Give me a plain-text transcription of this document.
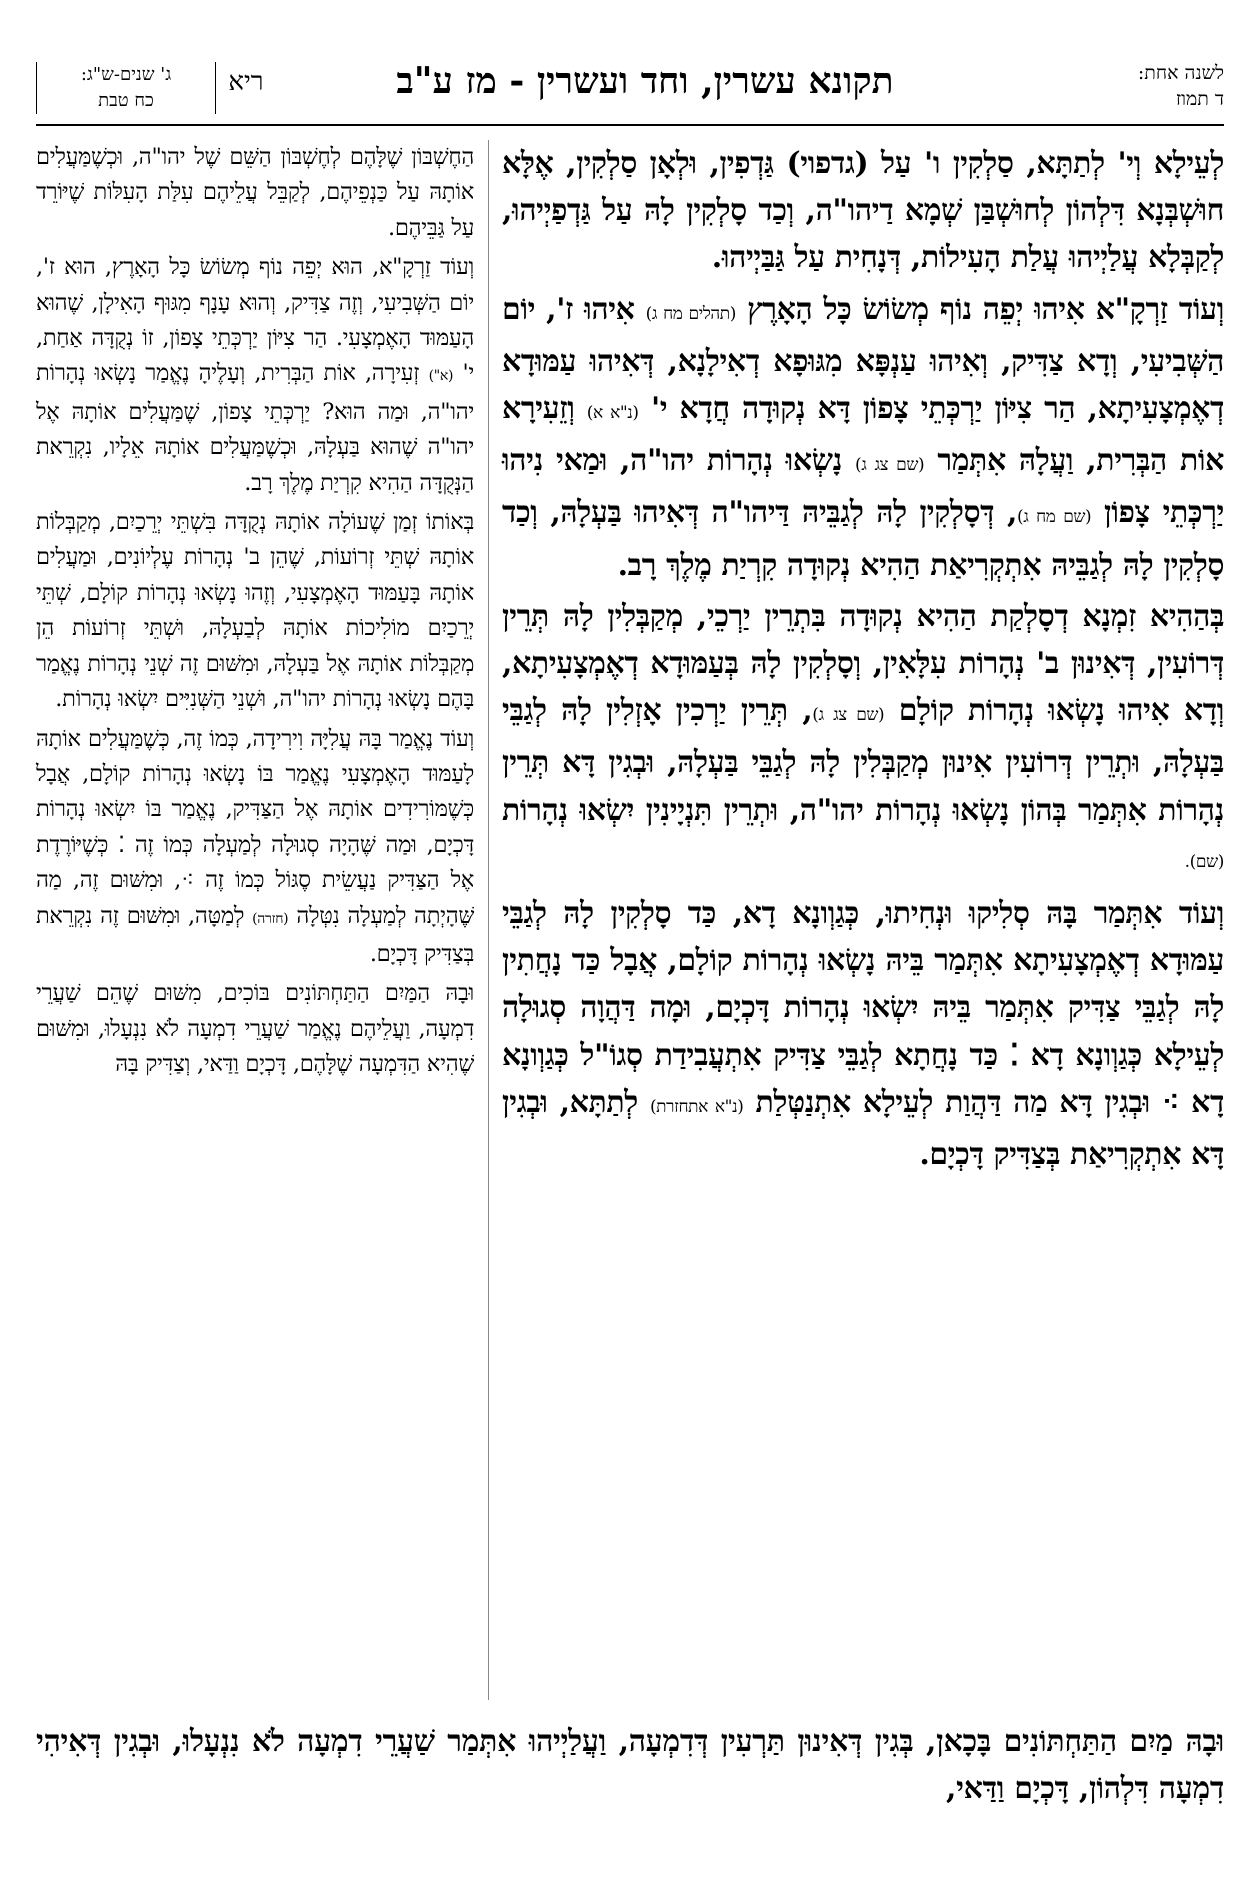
לשנה אחת:
ד תמוז
תקונא עשרין, וחד ועשרין - מז ע"ב
ג' שנים-ש"ג:
כח טבת
ריא

לְעֵילָא וְי' לְתַתָּא, סַלְקִין ו' עַל (גדפוי) גַּדְפִין, וּלְאָן סַלְקִין, אֶלָּא חוּשְׁבְּנָא דִּלְהוֹן לְחוּשְׁבַּן שְׁמָא דַיהו"ה, וְכַד סָלְקִין לָהּ עַל גַּדְפַיְיהוּ, לְקַבְּלָא עֲלַיְיהוּ עֲלַת הָעִילוֹת, דְּנָחִית עַל גַּבַּיְיהוּ.

וְעוֹד זַרְקָ"א אִיהוּ יְפֵה נוֹף מְשׂוֹשׂ כָּל הָאָרֶץ (תהלים מח ג) אִיהוּ ז', יוֹם הַשְּׁבִיעִי, וְדָא צַדִּיק, וְאִיהוּ עַנְפָּא מִגּוּפָא דְאִילָנָא, דְּאִיהוּ עַמּוּדָא דְאֶמְצָעִיתָא, הַר צִיּוֹן יַרְכְּתֵי צָפוֹן דָּא נְקוּדָה חֲדָא י' (נ"א א) וְזֵעִירָא אוֹת הַבְּרִית, וַעֲלָהּ אִתְּמַר (שם צג ג) נָשְׂאוּ נְהָרוֹת יהו"ה, וּמַאי נִיהוּ יַרְכְּתֵי צָפוֹן (שם מח ג), דְּסָלְקִין לָהּ לְגַבֵּיהּ דַּיהו"ה דְּאִיהוּ בַּעְלָהּ, וְכַד סָלְקִין לָהּ לְגַבֵּיהּ אִתְקְרִיאַת הַהִיא נְקוּדָה קִרְיַת מֶלֶךְ רָב.

בְּהַהִיא זִמְנָא דְסָלְקַת הַהִיא נְקוּדָה בִּתְרֵין יַרְכֵי, מְקַבְּלִין לָהּ תְּרֵין דְּרוֹעִין, דְּאִינוּן ב' נְהָרוֹת עִלָּאִין, וְסָלְקִין לָהּ בְּעַמּוּדָא דְאֶמְצָעִיתָא, וְדָא אִיהוּ נָשְׂאוּ נְהָרוֹת קוֹלָם (שם צג ג), תְּרֵין יַרְכִין אָזְלִין לָהּ לְגַבֵּי בַּעְלָהּ, וּתְרֵין דְּרוֹעִין אִינוּן מְקַבְּלִין לָהּ לְגַבֵּי בַּעְלָהּ, וּבְגִין דָּא תְּרֵין נְהָרוֹת אִתְּמַר בְּהוֹן נָשְׂאוּ נְהָרוֹת יהו"ה, וּתְרֵין תִּנְיָינִין יִשְׂאוּ נְהָרוֹת (שם).

וְעוֹד אִתְּמַר בָּהּ סְלִיקוּ וּנְחִיתוּ, כְּגַוְונָא דָא, כַּד סָלְקִין לָהּ לְגַבֵּי עַמּוּדָא דְאֶמְצָעִיתָא אִתְּמַר בֵּיהּ נָשְׂאוּ נְהָרוֹת קוֹלָם, אֲבָל כַּד נָחֲתִין לָהּ לְגַבֵּי צַדִּיק אִתְּמַר בֵּיהּ יִשְׂאוּ נְהָרוֹת דָּכְיָם, וּמָה דַּהֲוָה סְגוּלָה לְעֵילָא כְּגַוְונָא דָא ⁚ כַּד נָחֲתָא לְגַבֵּי צַדִּיק אִתְעֲבִידַת סְגוֹ"ל כְּגַוְונָא דָא ⁖ וּבְגִין דָּא מַה דַּהֲוַת לְעֵילָא אִתְנַטְּלַת (נ"א אתחזרת) לְתַתָּא, וּבְגִין דָּא אִתְקְרִיאַת בְּצַדִּיק דָּכְיָם.

הַחֶשְׁבּוֹן שֶׁלָּהֶם לְחֶשְׁבּוֹן הַשֵּׁם שֶׁל יהו"ה, וּכְשֶׁמַּעֲלִים אוֹתָהּ עַל כַּנְפֵיהֶם, לְקַבֵּל עֲלֵיהֶם עִלַּת הָעִלּוֹת שֶׁיּוֹרֵד עַל גַּבֵּיהֶם.

וְעוֹד זַרְקָ"א, הוּא יְפֵה נוֹף מְשׂוֹשׂ כָּל הָאָרֶץ, הוּא ז', יוֹם הַשְּׁבִיעִי, וְזֶה צַדִּיק, וְהוּא עָנָף מִגּוּף הָאִילָן, שֶׁהוּא הָעַמּוּד הָאֶמְצָעִי. הַר צִיּוֹן יַרְכְּתֵי צָפוֹן, זוֹ נְקֻדָּה אַחַת, י' (א") זְעִירָה, אוֹת הַבְּרִית, וְעָלֶיהָ נֶאֱמַר נָשְׂאוּ נְהָרוֹת יהו"ה, וּמַה הוּא? יַרְכְּתֵי צָפוֹן, שֶׁמַּעֲלִים אוֹתָהּ אֶל יהו"ה שֶׁהוּא בַּעְלָהּ, וּכְשֶׁמַּעֲלִים אוֹתָהּ אֵלָיו, נִקְרֵאת הַנְּקֻדָּה הַהִיא קִרְיַת מֶלֶךְ רָב.

בְּאוֹתוֹ זְמַן שֶׁעוֹלָה אוֹתָהּ נְקֻדָּה בִּשְׁתֵּי יְרֵכַיִם, מְקַבְּלוֹת אוֹתָהּ שְׁתֵּי זְרוֹעוֹת, שֶׁהֵן ב' נְהָרוֹת עֶלְיוֹנִים, וּמַעֲלִים אוֹתָהּ בָּעַמּוּד הָאֶמְצָעִי, וְזֶהוּ נָשְׂאוּ נְהָרוֹת קוֹלָם, שְׁתֵּי יְרֵכַיִם מוֹלִיכוֹת אוֹתָהּ לְבַעְלָהּ, וּשְׁתֵּי זְרוֹעוֹת הֵן מְקַבְּלוֹת אוֹתָהּ אֶל בַּעְלָהּ, וּמִשּׁוּם זֶה שְׁנֵי נְהָרוֹת נֶאֱמַר בָּהֶם נָשְׂאוּ נְהָרוֹת יהו"ה, וּשְׁנֵי הַשְּׁנִיִּים יִשְׂאוּ נְהָרוֹת.

וְעוֹד נֶאֱמַר בָּהּ עֲלִיָּה וִירִידָה, כְּמוֹ זֶה, כְּשֶׁמַּעֲלִים אוֹתָהּ לָעַמּוּד הָאֶמְצָעִי נֶאֱמַר בּוֹ נָשְׂאוּ נְהָרוֹת קוֹלָם, אֲבָל כְּשֶׁמּוֹרִידִים אוֹתָהּ אֶל הַצַּדִּיק, נֶאֱמַר בּוֹ יִשְׂאוּ נְהָרוֹת דָּכְיָם, וּמַה שֶּׁהָיָה סְגוּלָה לְמַעְלָה כְּמוֹ זֶה ⁚ כְּשֶׁיּוֹרֶדֶת אֶל הַצַּדִּיק נַעֲשֵׂית סֶגּוֹל כְּמוֹ זֶה ⁖, וּמִשּׁוּם זֶה, מַה שֶּׁהָיְתָה לְמַעְלָה נִטְּלָה (חזרה) לְמַטָּה, וּמִשּׁוּם זֶה נִקְרֵאת בְּצַדִּיק דָּכְיָם.

וּבָהּ הַמַּיִם הַתַּחְתּוֹנִים בּוֹכִים, מִשּׁוּם שֶׁהֵם שַׁעֲרֵי דִמְעָה, וַעֲלֵיהֶם נֶאֱמַר שַׁעֲרֵי דִמְעָה לֹא נִנְעָלוּ, וּמִשּׁוּם שֶׁהִיא הַדִּמְעָה שֶׁלָּהֶם, דָּכְיָם וַדַּאי, וְצַדִּיק בָּהּ

וּבָהּ מַיִם הַתַּחְתּוֹנִים בָּכָאן, בְּגִין דְּאִינוּן תַּרְעִין דְּדִמְעָה, וַעֲלַיְיהוּ אִתְּמַר שַׁעֲרֵי דִמְעָה לֹא נִנְעָלוּ, וּבְגִין דְּאִיהִי דִמְעָה דִּלְהוֹן, דָּכְיָם וַדַּאי,
